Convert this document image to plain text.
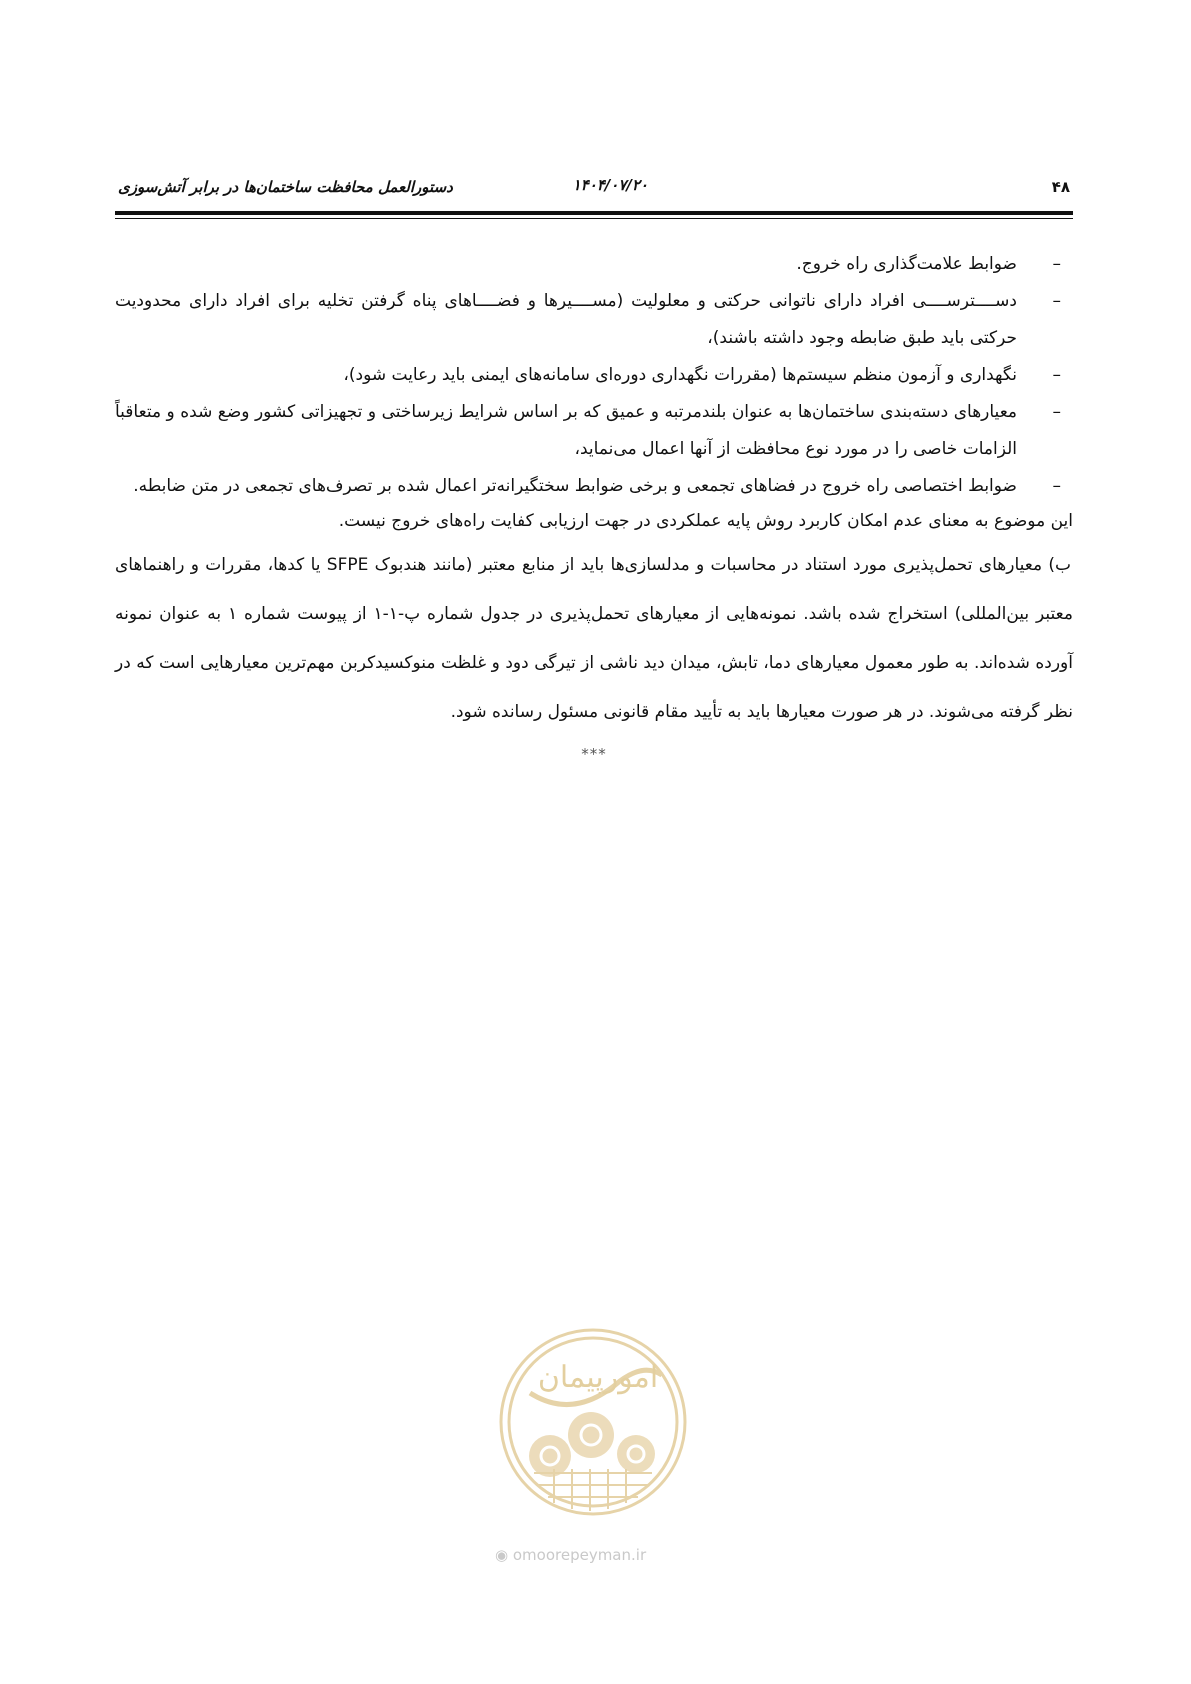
۴۸
۱۴۰۴/۰۷/۲۰
دستورالعمل محافظت ساختمان‌ها در برابر آتش‌سوزی
–
ضوابط علامت‌گذاری راه خروج.
–
دســــترســــی افراد دارای ناتوانی حرکتی و معلولیت (مســــیرها و فضــــاهای پناه گرفتن تخلیه برای افراد دارای محدودیت حرکتی باید طبق ضابطه وجود داشته باشند)،
–
نگهداری و آزمون منظم سیستم‌ها (مقررات نگهداری دوره‌ای سامانه‌های ایمنی باید رعایت شود)،
–
معیارهای دسته‌بندی ساختمان‌ها به عنوان بلندمرتبه و عمیق که بر اساس شرایط زیرساختی و تجهیزاتی کشور وضع شده و متعاقباً الزامات خاصی را در مورد نوع محافظت از آنها اعمال می‌نماید،
–
ضوابط اختصاصی راه خروج در فضاهای تجمعی و برخی ضوابط سختگیرانه‌تر اعمال شده بر تصرف‌های تجمعی در متن ضابطه.

این موضوع به معنای عدم امکان کاربرد روش پایه عملکردی در جهت ارزیابی کفایت راه‌های خروج نیست.

ب) معیارهای تحمل‌پذیری مورد استناد در محاسبات و مدلسازی‌ها باید از منابع معتبر (مانند هندبوک SFPE یا کدها، مقررات و راهنماهای معتبر بین‌المللی) استخراج شده باشد. نمونه‌هایی از معیارهای تحمل‌پذیری در جدول شماره پ-۱-۱ از پیوست شماره ۱ به عنوان نمونه آورده شده‌اند. به طور معمول معیارهای دما، تابش، میدان دید ناشی از تیرگی دود و غلظت منوکسیدکربن مهم‌ترین معیارهایی است که در نظر گرفته می‌شوند. در هر صورت معیارها باید به تأیید مقام قانونی مسئول رسانده شود.

***
امورپیمان
◉ omoorepeyman.ir
